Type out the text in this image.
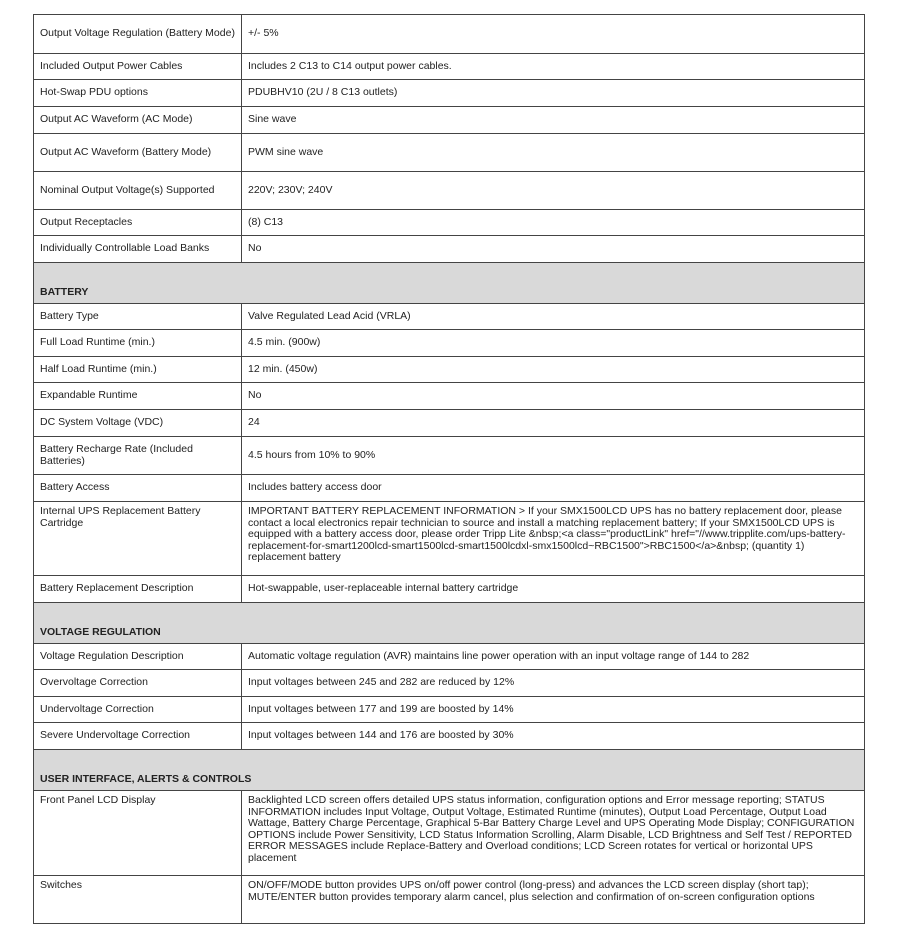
Output Voltage Regulation (Battery Mode)	+/- 5%
Included Output Power Cables	Includes 2 C13 to C14 output power cables.
Hot-Swap PDU options	PDUBHV10 (2U / 8 C13 outlets)
Output AC Waveform (AC Mode)	Sine wave
Output AC Waveform (Battery Mode)	PWM sine wave
Nominal Output Voltage(s) Supported	220V; 230V; 240V
Output Receptacles	(8) C13
Individually Controllable Load Banks	No
BATTERY	
Battery Type	Valve Regulated Lead Acid (VRLA)
Full Load Runtime (min.)	4.5 min. (900w)
Half Load Runtime (min.)	12 min. (450w)
Expandable Runtime	No
DC System Voltage (VDC)	24
Battery Recharge Rate (Included Batteries)	4.5 hours from 10% to 90%
Battery Access	Includes battery access door
Internal UPS Replacement Battery Cartridge	IMPORTANT BATTERY REPLACEMENT INFORMATION > If your SMX1500LCD UPS has no battery replacement door, please contact a local electronics repair technician to source and install a matching replacement battery; If your SMX1500LCD UPS is equipped with a battery access door, please order Tripp Lite &nbsp;<a class="productLink" href="//www.tripplite.com/ups-battery-replacement-for-smart1200lcd-smart1500lcd-smart1500lcdxl-smx1500lcd~RBC1500">RBC1500</a>&nbsp; (quantity 1) replacement battery
Battery Replacement Description	Hot-swappable, user-replaceable internal battery cartridge
VOLTAGE REGULATION	
Voltage Regulation Description	Automatic voltage regulation (AVR) maintains line power operation with an input voltage range of 144 to 282
Overvoltage Correction	Input voltages between 245 and 282 are reduced by 12%
Undervoltage Correction	Input voltages between 177 and 199 are boosted by 14%
Severe Undervoltage Correction	Input voltages between 144 and 176 are boosted by 30%
USER INTERFACE, ALERTS & CONTROLS	
Front Panel LCD Display	Backlighted LCD screen offers detailed UPS status information, configuration options and Error message reporting; STATUS INFORMATION includes Input Voltage, Output Voltage, Estimated Runtime (minutes), Output Load Percentage, Output Load Wattage, Battery Charge Percentage, Graphical 5-Bar Battery Charge Level and UPS Operating Mode Display; CONFIGURATION OPTIONS include Power Sensitivity, LCD Status Information Scrolling, Alarm Disable, LCD Brightness and Self Test / REPORTED ERROR MESSAGES include Replace-Battery and Overload conditions; LCD Screen rotates for vertical or horizontal UPS placement
Switches	ON/OFF/MODE button provides UPS on/off power control (long-press) and advances the LCD screen display (short tap); MUTE/ENTER button provides temporary alarm cancel, plus selection and confirmation of on-screen configuration options
